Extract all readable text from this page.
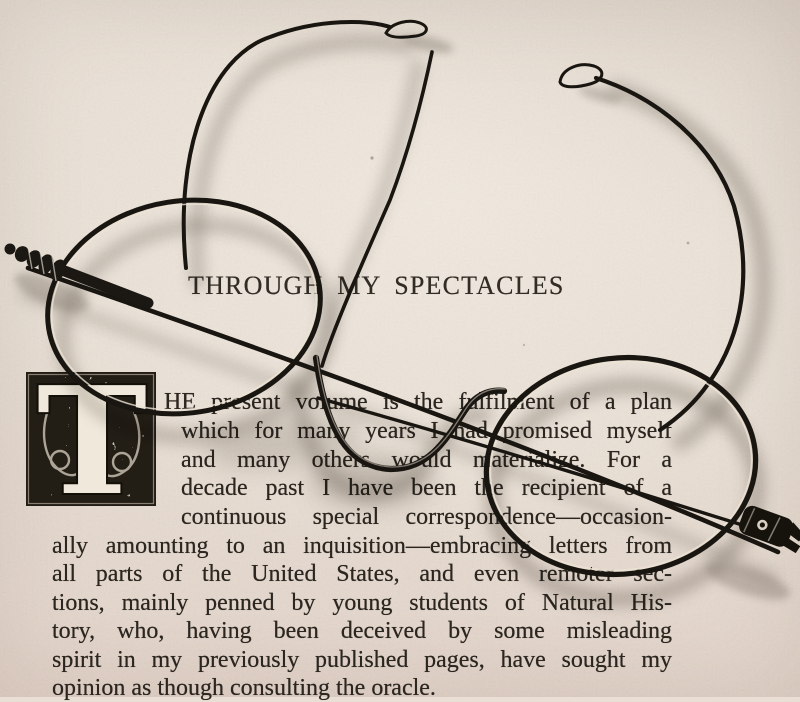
THROUGH MY SPECTACLES
T HE present volume is the fulfilment of a plan
which for many years I had promised myself
and many others would materialize. For a
decade past I have been the recipient of a
continuous special correspondence—occasion-
ally amounting to an inquisition—embracing letters from
all parts of the United States, and even remoter sec-
tions, mainly penned by young students of Natural His-
tory, who, having been deceived by some misleading
spirit in my previously published pages, have sought my
opinion as though consulting the oracle.
